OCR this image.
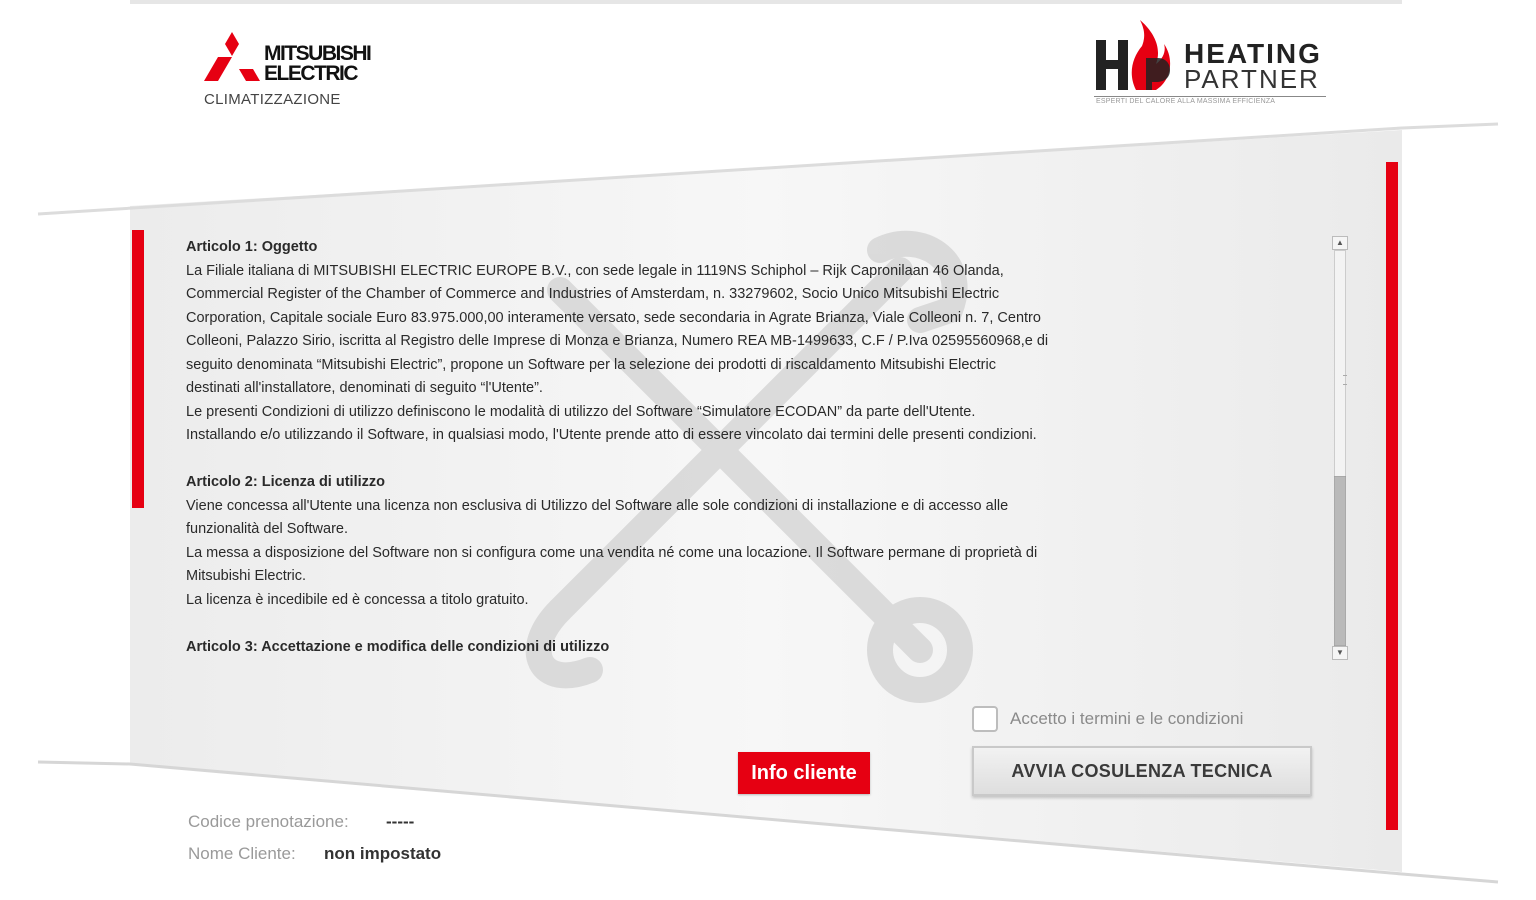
MITSUBISHI ELECTRIC
CLIMATIZZAZIONE
HEATING
PARTNER
ESPERTI DEL CALORE ALLA MASSIMA EFFICIENZA

Articolo 1: Oggetto
La Filiale italiana di MITSUBISHI ELECTRIC EUROPE B.V., con sede legale in 1119NS Schiphol – Rijk Capronilaan 46 Olanda,
Commercial Register of the Chamber of Commerce and Industries of Amsterdam, n. 33279602, Socio Unico Mitsubishi Electric
Corporation, Capitale sociale Euro 83.975.000,00 interamente versato, sede secondaria in Agrate Brianza, Viale Colleoni n. 7, Centro
Colleoni, Palazzo Sirio, iscritta al Registro delle Imprese di Monza e Brianza, Numero REA MB-1499633, C.F / P.Iva 02595560968,e di
seguito denominata “Mitsubishi Electric”, propone un Software per la selezione dei prodotti di riscaldamento Mitsubishi Electric
destinati all'installatore, denominati di seguito “l'Utente”.
Le presenti Condizioni di utilizzo definiscono le modalità di utilizzo del Software “Simulatore ECODAN” da parte dell'Utente.
Installando e/o utilizzando il Software, in qualsiasi modo, l'Utente prende atto di essere vincolato dai termini delle presenti condizioni.

Articolo 2: Licenza di utilizzo
Viene concessa all'Utente una licenza non esclusiva di Utilizzo del Software alle sole condizioni di installazione e di accesso alle
funzionalità del Software.
La messa a disposizione del Software non si configura come una vendita né come una locazione. Il Software permane di proprietà di
Mitsubishi Electric.
La licenza è incedibile ed è concessa a titolo gratuito.

Articolo 3: Accettazione e modifica delle condizioni di utilizzo

▲
▼
Accetto i termini e le condizioni
Info cliente	AVVIA COSULENZA TECNICA
Codice prenotazione: -----
Nome Cliente: non impostato
